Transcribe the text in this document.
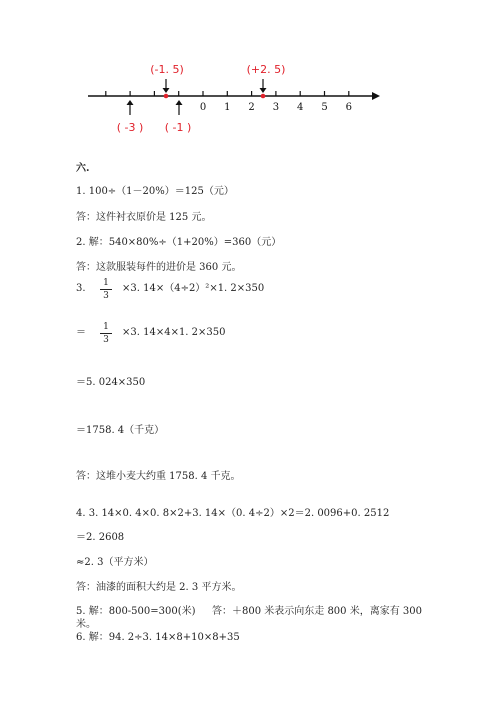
0 1 2 3 4 5 6
(-1. 5)	(+2. 5)
( -3 ) ( -1 )
六.
1. 100÷（1－20%）＝125（元）
答：这件衬衣原价是 125 元。
2. 解：540×80%÷（1+20%）=360（元）
答：这款服装每件的进价是 360 元。
3.	1
3
×3. 14×（4÷2）²×1. 2×350
＝	1
3
×3. 14×4×1. 2×350
＝5. 024×350
＝1758. 4（千克）
答：这堆小麦大约重 1758. 4 千克。
4. 3. 14×0. 4×0. 8×2+3. 14×（0. 4÷2）×2＝2. 0096+0. 2512
＝2. 2608
≈2. 3（平方米）
答：油漆的面积大约是 2. 3 平方米。
5. 解：800-500=300(米) 答：＋800 米表示向东走 800 米，离家有 300
米。
6. 解：94. 2÷3. 14×8+10×8+35
